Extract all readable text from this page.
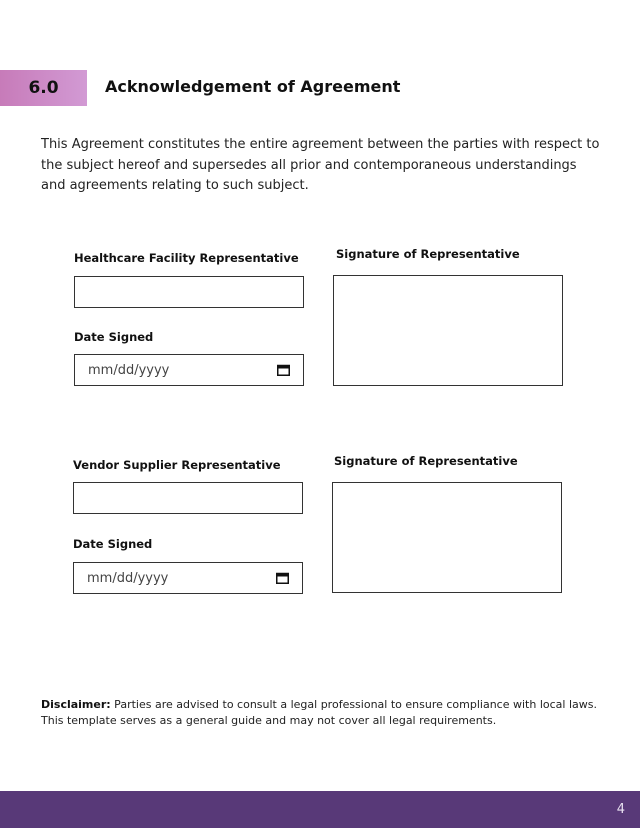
6.0	Acknowledgement of Agreement

This Agreement constitutes the entire agreement between the parties with respect to the subject hereof and supersedes all prior and contemporaneous understandings and agreements relating to such subject.

Healthcare Facility Representative
Date Signed
mm/dd/yyyy
Signature of Representative
Vendor Supplier Representative
Date Signed
mm/dd/yyyy
Signature of Representative

Disclaimer: Parties are advised to consult a legal professional to ensure compliance with local laws. This template serves as a general guide and may not cover all legal requirements.

4
